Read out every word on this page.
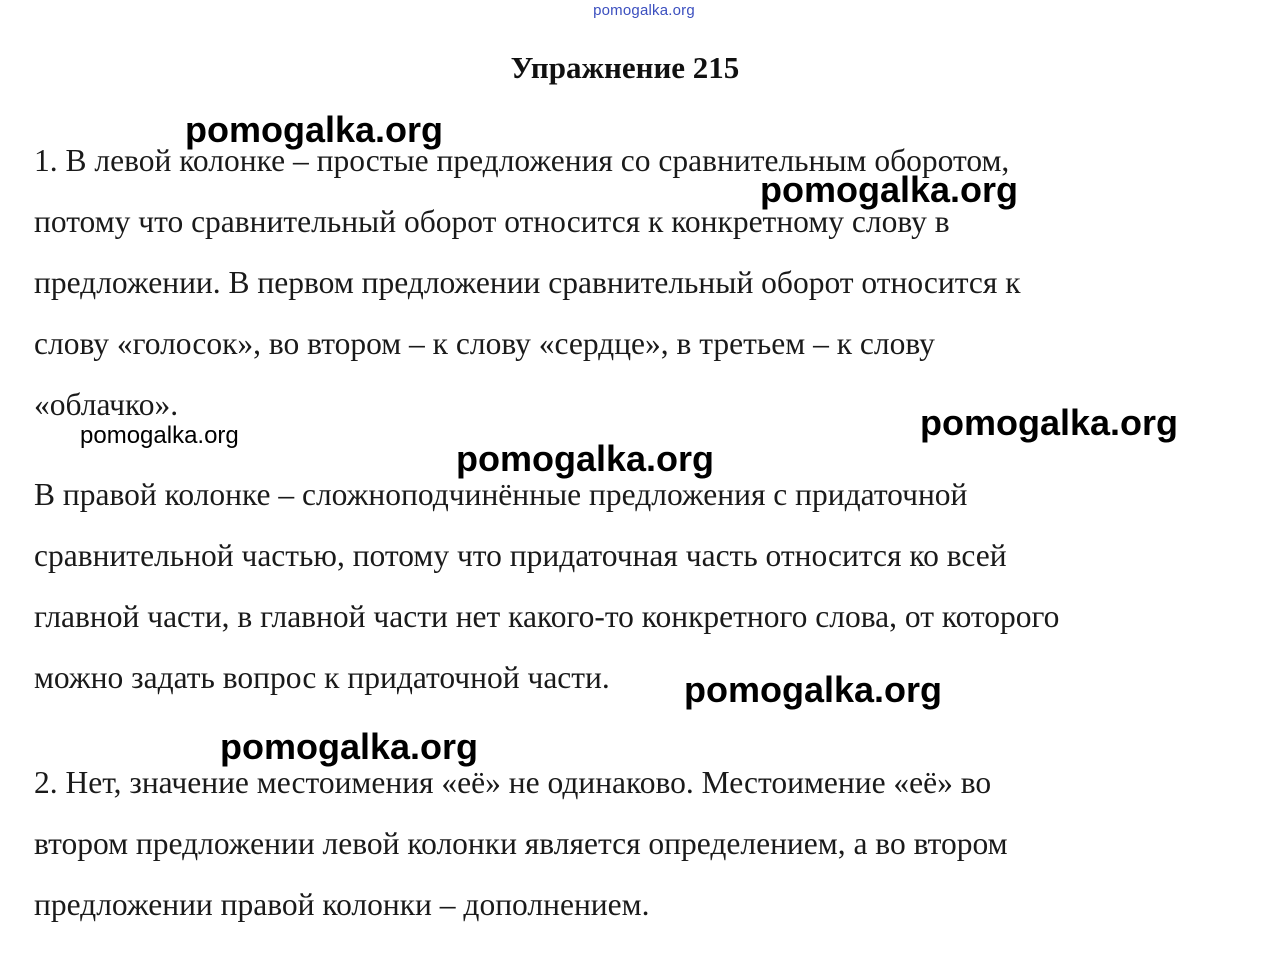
pomogalka.org
Упражнение 215

1. В левой колонке – простые предложения со сравнительным оборотом,
потому что сравнительный оборот относится к конкретному слову в
предложении. В первом предложении сравнительный оборот относится к
слову «голосок», во втором – к слову «сердце», в третьем – к слову
«облачко».

В правой колонке – сложноподчинённые предложения с придаточной
сравнительной частью, потому что придаточная часть относится ко всей
главной части, в главной части нет какого-то конкретного слова, от которого
можно задать вопрос к придаточной части.

2. Нет, значение местоимения «её» не одинаково. Местоимение «её» во
втором предложении левой колонки является определением, а во втором
предложении правой колонки – дополнением.

pomogalka.org
pomogalka.org
pomogalka.org
pomogalka.org
pomogalka.org
pomogalka.org
pomogalka.org
